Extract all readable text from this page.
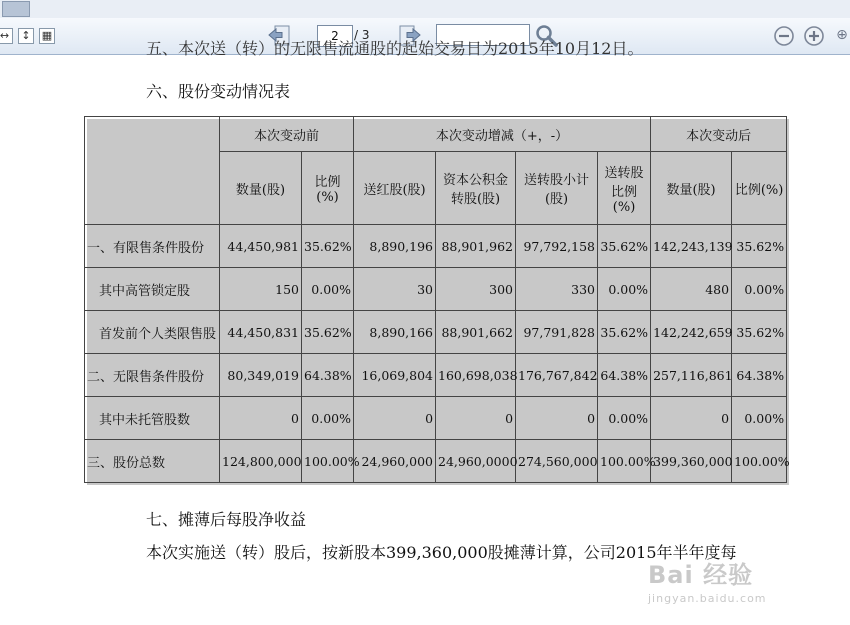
↔	↕	▦	2	/ 3	⊕
五、本次送（转）的无限售流通股的起始交易日为2015年10月12日。
六、股份变动情况表
	本次变动前		本次变动增减（+，-）				本次变动后	
	数量(股)	比例(%)	送红股(股)	资本公积金转股(股)	送转股小计(股)	送转股比例(%)	数量(股)	比例(%)
一、有限售条件股份	44,450,981	35.62%	8,890,196	88,901,962	97,792,158	35.62%	142,243,139	35.62%
其中高管锁定股	150	0.00%	30	300	330	0.00%	480	0.00%
首发前个人类限售股	44,450,831	35.62%	8,890,166	88,901,662	97,791,828	35.62%	142,242,659	35.62%
二、无限售条件股份	80,349,019	64.38%	16,069,804	160,698,038	176,767,842	64.38%	257,116,861	64.38%
其中未托管股数	0	0.00%	0	0	0	0.00%	0	0.00%
三、股份总数	124,800,000	100.00%	24,960,000	24,960,0000	274,560,000	100.00%	399,360,000	100.00%
七、摊薄后每股净收益
本次实施送（转）股后，按新股本399,360,000股摊薄计算，公司2015年半年度每
Bai 经验
jingyan.baidu.com
